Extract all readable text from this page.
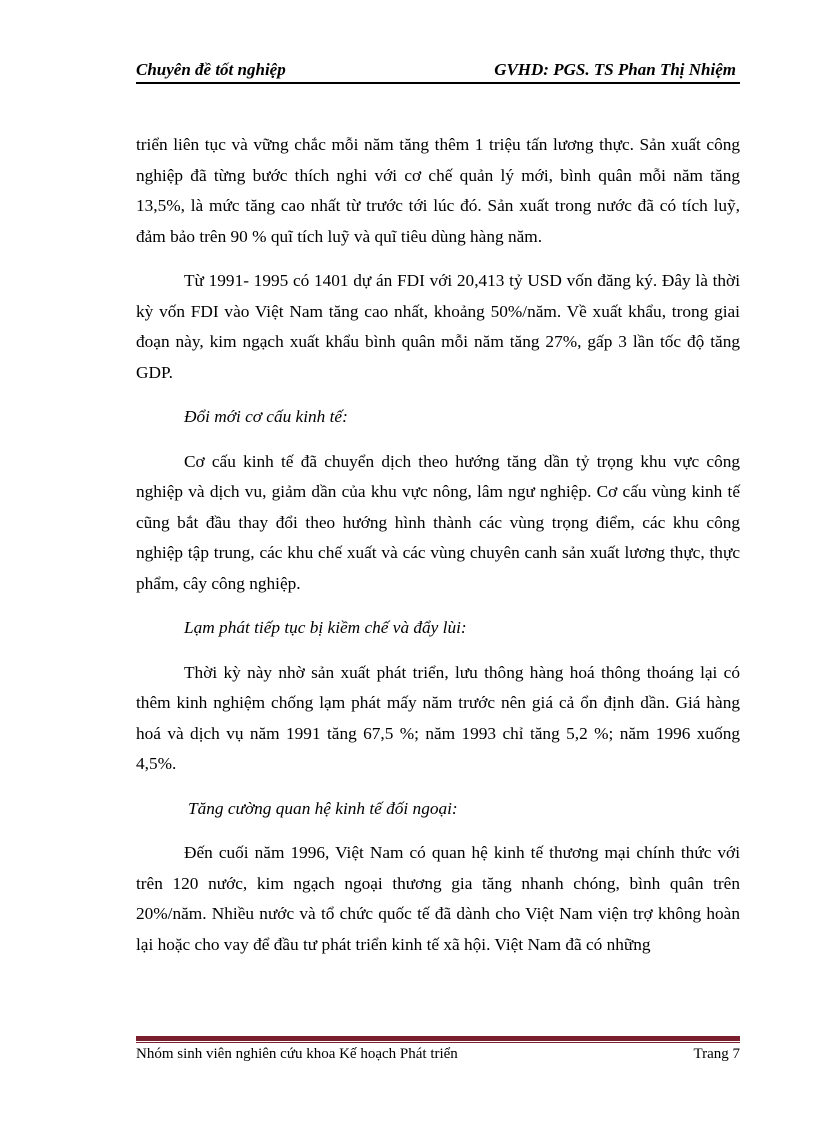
Chuyên đề tốt nghiệp	GVHD: PGS. TS Phan Thị Nhiệm

triển liên tục và vững chắc mỗi năm tăng thêm 1 triệu tấn lương thực. Sản xuất công nghiệp đã từng bước thích nghi với cơ chế quản lý mới, bình quân mỗi năm tăng 13,5%, là mức tăng cao nhất từ trước tới lúc đó. Sản xuất trong nước đã có tích luỹ, đảm bảo trên 90 % quĩ tích luỹ và quĩ tiêu dùng hàng năm.

Từ 1991- 1995 có 1401 dự án FDI với 20,413 tỷ USD vốn đăng ký. Đây là thời kỳ vốn FDI vào Việt Nam tăng cao nhất, khoảng 50%/năm. Về xuất khẩu, trong giai đoạn này, kim ngạch xuất khẩu bình quân mỗi năm tăng 27%, gấp 3 lần tốc độ tăng GDP.

Đổi mới cơ cấu kinh tế:

Cơ cấu kinh tế đã chuyển dịch theo hướng tăng dần tỷ trọng khu vực công nghiệp và dịch vu, giảm dần của khu vực nông, lâm ngư nghiệp. Cơ cấu vùng kinh tế cũng bắt đầu thay đổi theo hướng hình thành các vùng trọng điểm, các khu công nghiệp tập trung, các khu chế xuất và các vùng chuyên canh sản xuất lương thực, thực phẩm, cây công nghiệp.

Lạm phát tiếp tục bị kiềm chế và đẩy lùi:

Thời kỳ này nhờ sản xuất phát triển, lưu thông hàng hoá thông thoáng lại có thêm kinh nghiệm chống lạm phát mấy năm trước nên giá cả ổn định dần. Giá hàng hoá và dịch vụ năm 1991 tăng 67,5 %; năm 1993 chỉ tăng 5,2 %; năm 1996 xuống 4,5%.

Tăng cường quan hệ kinh tế đối ngoại:

Đến cuối năm 1996, Việt Nam có quan hệ kinh tế thương mại chính thức với trên 120 nước, kim ngạch ngoại thương gia tăng nhanh chóng, bình quân trên 20%/năm. Nhiều nước và tổ chức quốc tế đã dành cho Việt Nam viện trợ không hoàn lại hoặc cho vay để đầu tư phát triển kinh tế xã hội. Việt Nam đã có những

Nhóm sinh viên nghiên cứu khoa Kế hoạch Phát triển	Trang 7
